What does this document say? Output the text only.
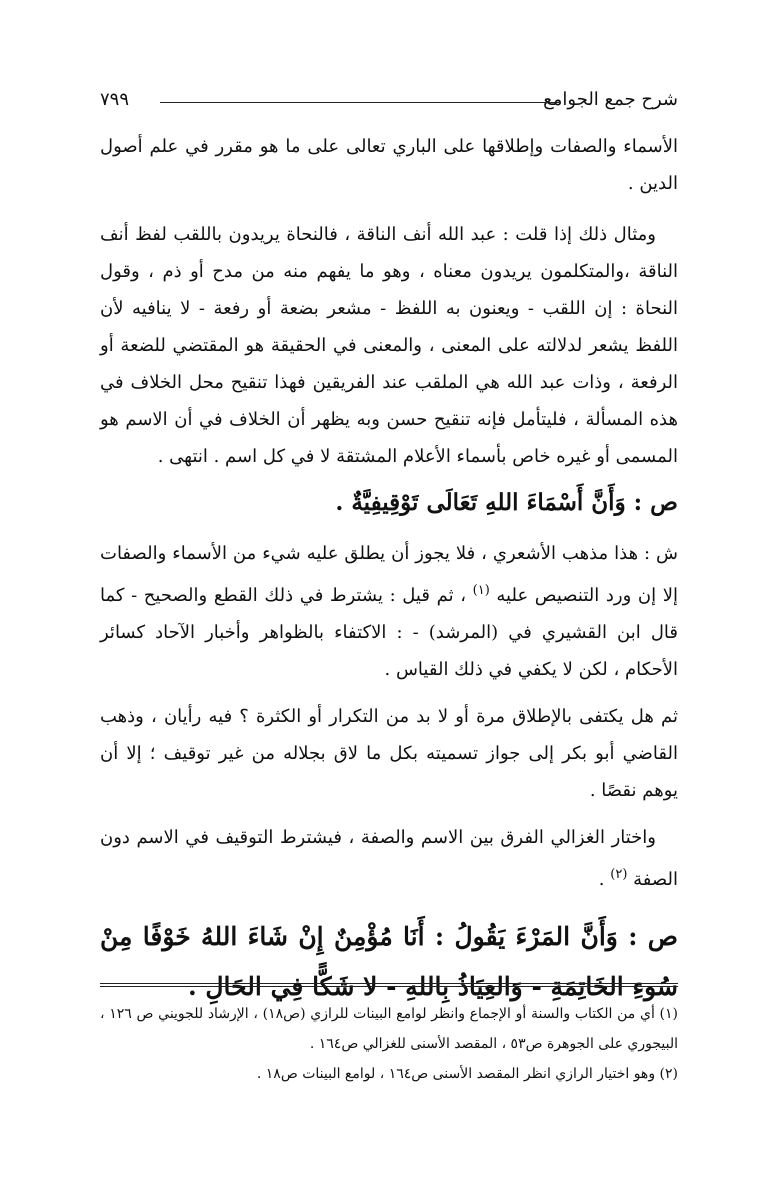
شرح جمع الجوامع
٧٩٩

الأسماء والصفات وإطلاقها على الباري تعالى على ما هو مقرر في علم أصول الدين .

ومثال ذلك إذا قلت : عبد الله أنف الناقة ، فالنحاة يريدون باللقب لفظ أنف الناقة ،والمتكلمون يريدون معناه ، وهو ما يفهم منه من مدح أو ذم ، وقول النحاة : إن اللقب - ويعنون به اللفظ - مشعر بضعة أو رفعة - لا ينافيه لأن اللفظ يشعر لدلالته على المعنى ، والمعنى في الحقيقة هو المقتضي للضعة أو الرفعة ، وذات عبد الله هي الملقب عند الفريقين فهذا تنقيح محل الخلاف في هذه المسألة ، فليتأمل فإنه تنقيح حسن وبه يظهر أن الخلاف في أن الاسم هو المسمى أو غيره خاص بأسماء الأعلام المشتقة لا في كل اسم . انتهى .

ص : وَأَنَّ أَسْمَاءَ اللهِ تَعَالَى تَوْقِيفِيَّةٌ .

ش : هذا مذهب الأشعري ، فلا يجوز أن يطلق عليه شيء من الأسماء والصفات إلا إن ورد التنصيص عليه $^{(١)}$ ، ثم قيل : يشترط في ذلك القطع والصحيح - كما قال ابن القشيري في (المرشد) - : الاكتفاء بالظواهر وأخبار الآحاد كسائر الأحكام ، لكن لا يكفي في ذلك القياس .

ثم هل يكتفى بالإطلاق مرة أو لا بد من التكرار أو الكثرة ؟ فيه رأيان ، وذهب القاضي أبو بكر إلى جواز تسميته بكل ما لاق بجلاله من غير توقيف ؛ إلا أن يوهم نقصًا .

واختار الغزالي الفرق بين الاسم والصفة ، فيشترط التوقيف في الاسم دون الصفة $^{(٢)}$ .

ص : وَأَنَّ المَرْءَ يَقُولُ : أَنَا مُؤْمِنٌ إِنْ شَاءَ اللهُ خَوْفًا مِنْ سُوءِ الخَاتِمَةِ - وَالعِيَاذُ بِاللهِ - لا شَكًّا فِي الحَالِ .

(١) أي من الكتاب والسنة أو الإجماع وانظر لوامع البينات للرازي (ص١٨) ، الإرشاد للجويني ص ١٢٦ ، البيجوري على الجوهرة ص٥٣ ، المقصد الأسنى للغزالي ص١٦٤ .

(٢) وهو اختيار الرازي انظر المقصد الأسنى ص١٦٤ ، لوامع البينات ص١٨ .
